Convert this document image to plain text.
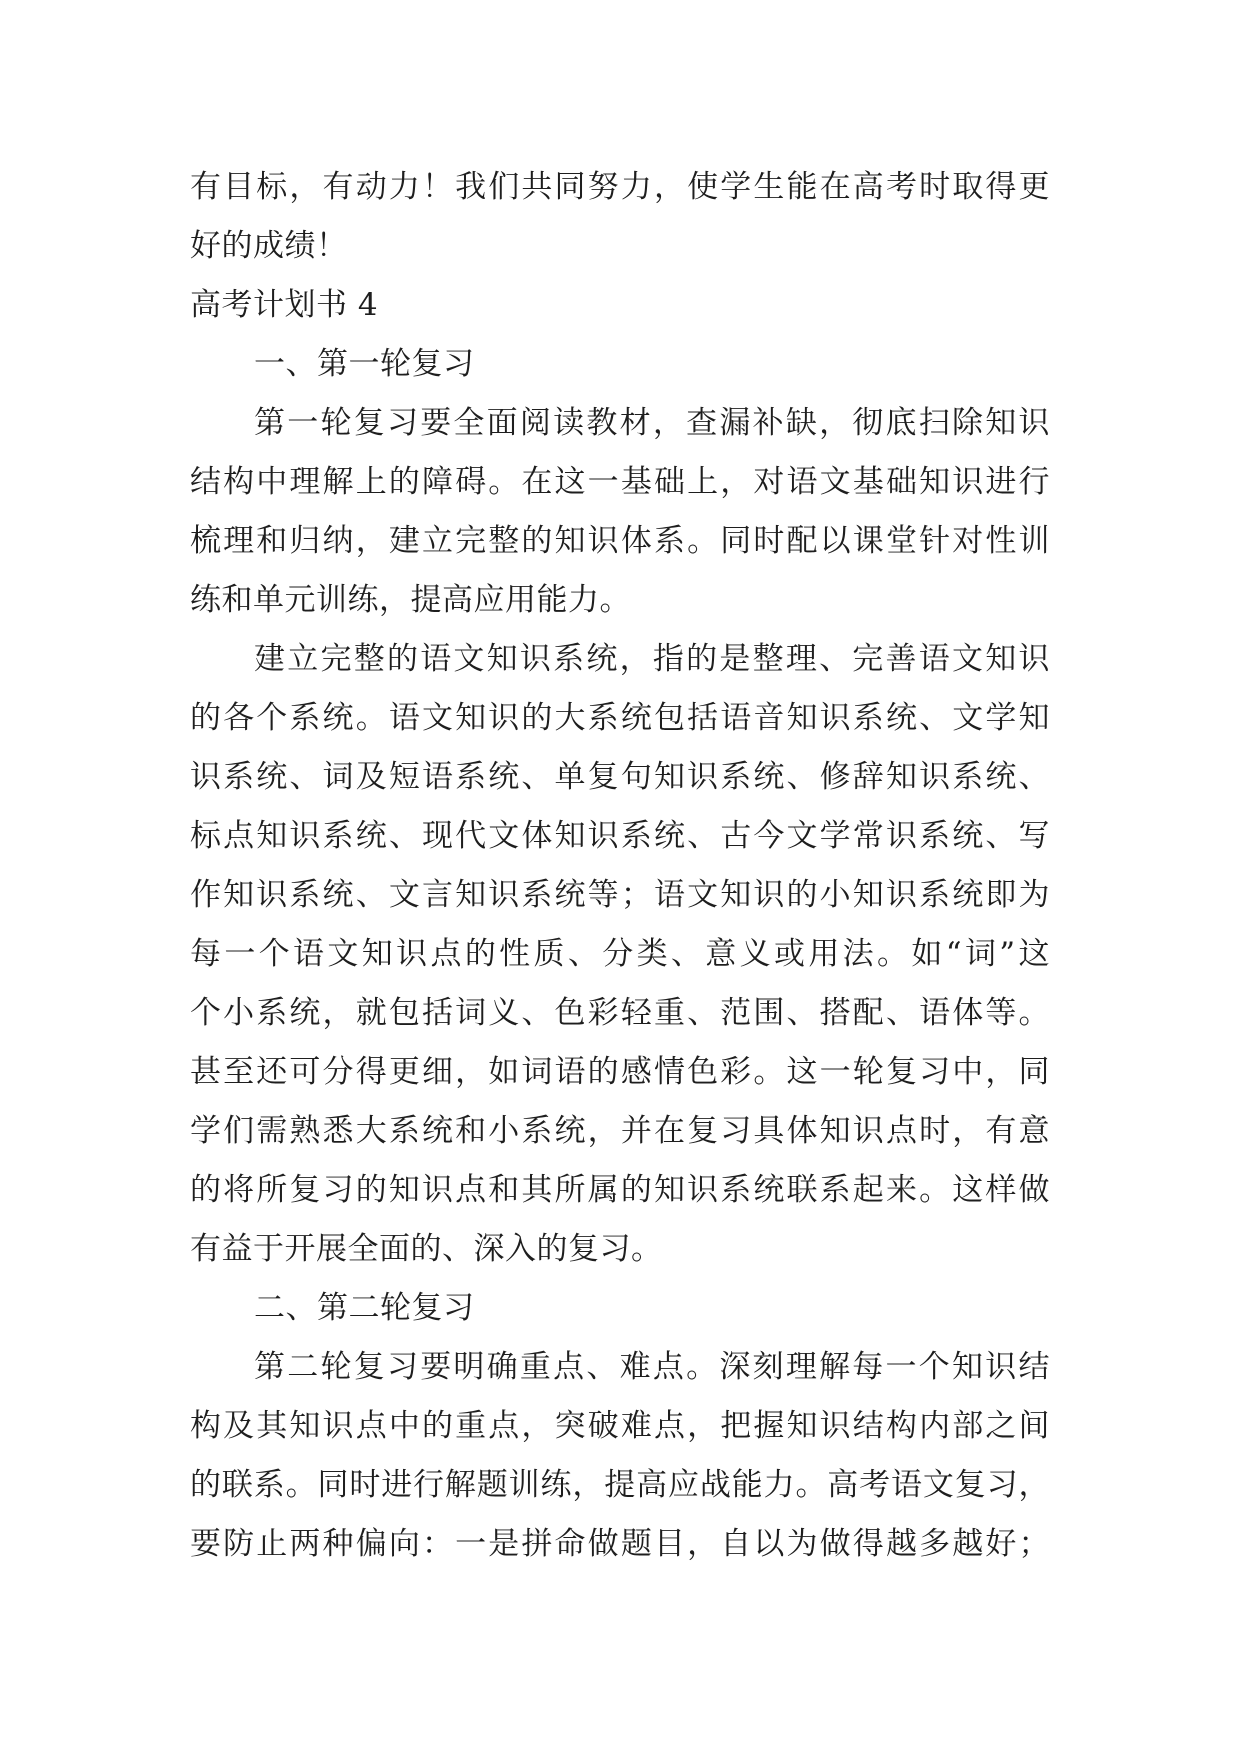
有目标，有动力！我们共同努力，使学生能在高考时取得更
好的成绩！
高考计划书 4
一、第一轮复习
第一轮复习要全面阅读教材，查漏补缺，彻底扫除知识
结构中理解上的障碍。在这一基础上，对语文基础知识进行
梳理和归纳，建立完整的知识体系。同时配以课堂针对性训
练和单元训练，提高应用能力。
建立完整的语文知识系统，指的是整理、完善语文知识
的各个系统。语文知识的大系统包括语音知识系统、文学知
识系统、词及短语系统、单复句知识系统、修辞知识系统、
标点知识系统、现代文体知识系统、古今文学常识系统、写
作知识系统、文言知识系统等；语文知识的小知识系统即为
每一个语文知识点的性质、分类、意义或用法。如“词”这
个小系统，就包括词义、色彩轻重、范围、搭配、语体等。
甚至还可分得更细，如词语的感情色彩。这一轮复习中，同
学们需熟悉大系统和小系统，并在复习具体知识点时，有意
的将所复习的知识点和其所属的知识系统联系起来。这样做
有益于开展全面的、深入的复习。
二、第二轮复习
第二轮复习要明确重点、难点。深刻理解每一个知识结
构及其知识点中的重点，突破难点，把握知识结构内部之间
的联系。同时进行解题训练，提高应战能力。高考语文复习，
要防止两种偏向：一是拼命做题目，自以为做得越多越好；
